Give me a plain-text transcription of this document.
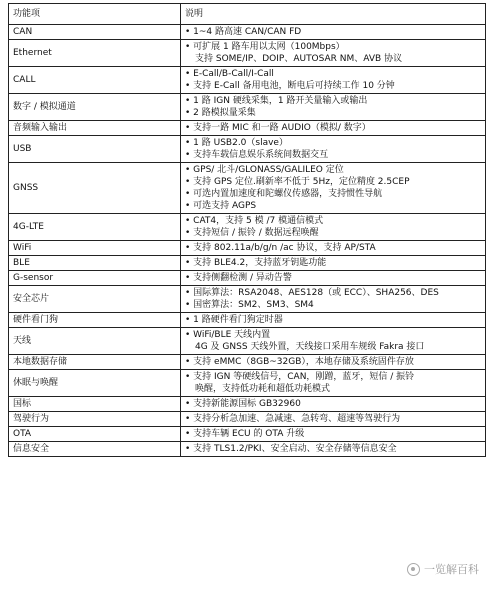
功能项	说明
CAN	• 1~4 路高速 CAN/CAN FD

Ethernet	• 可扩展 1 路车用以太网（100Mbps）
支持 SOME/IP、DOIP、AUTOSAR NM、AVB 协议

CALL	• E-Call/B-Call/I-Call
• 支持 E-Call 备用电池，断电后可持续工作 10 分钟

数字 / 模拟通道	• 1 路 IGN 硬线采集，1 路开关量输入或输出
• 2 路模拟量采集

音频输入输出	• 支持一路 MIC 和一路 AUDIO（模拟/ 数字）

USB	• 1 路 USB2.0（slave）
• 支持车载信息娱乐系统间数据交互

GNSS	• GPS/ 北斗/GLONASS/GALILEO 定位
• 支持 GPS 定位.刷新率不低于 5Hz，定位精度 2.5CEP
• 可选内置加速度和陀螺仪传感器，支持惯性导航
• 可选支持 AGPS

4G-LTE	• CAT4，支持 5 模 /7 模通信模式
• 支持短信 / 振铃 / 数据远程唤醒

WiFi	• 支持 802.11a/b/g/n /ac 协议，支持 AP/STA

BLE	• 支持 BLE4.2，支持蓝牙钥匙功能

G-sensor	• 支持侧翻检测 / 异动告警

安全芯片	• 国际算法：RSA2048、AES128（或 ECC）、SHA256、DES
• 国密算法：SM2、SM3、SM4

硬件看门狗	• 1 路硬件看门狗定时器

天线	• WiFi/BLE 天线内置
4G 及 GNSS 天线外置，天线接口采用车规级 Fakra 接口

本地数据存储	• 支持 eMMC（8GB~32GB），本地存储及系统固件存放

休眠与唤醒	• 支持 IGN 等硬线信号，CAN，刚蹭，蓝牙，短信 / 振铃
唤醒，支持低功耗和超低功耗模式

国标	• 支持新能源国标 GB32960

驾驶行为	• 支持分析急加速、急减速、急转弯、超速等驾驶行为

OTA	• 支持车辆 ECU 的 OTA 升级

信息安全	• 支持 TLS1.2/PKI、安全启动、安全存储等信息安全
一览解百科
